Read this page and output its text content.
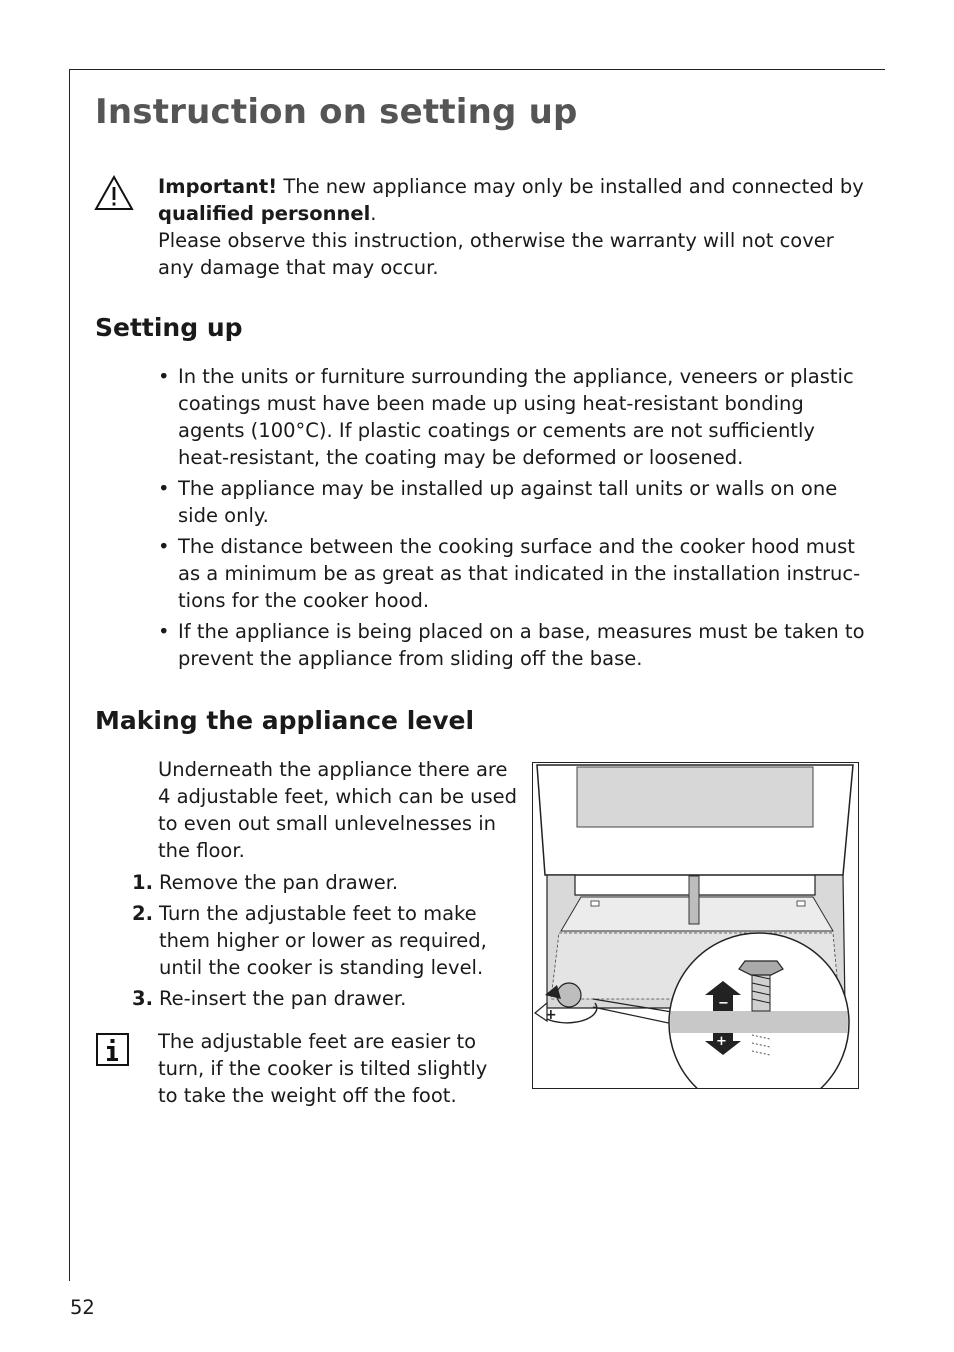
Instruction on setting up
Important! The new appliance may only be installed and connected by qualified personnel.
Please observe this instruction, otherwise the warranty will not cover any damage that may occur.
Setting up
• In the units or furniture surrounding the appliance, veneers or plastic coatings must have been made up using heat-resistant bonding agents (100°C). If plastic coatings or cements are not sufficiently heat-resistant, the coating may be deformed or loosened.
• The appliance may be installed up against tall units or walls on one side only.
• The distance between the cooking surface and the cooker hood must as a minimum be as great as that indicated in the installation instruc-tions for the cooker hood.
• If the appliance is being placed on a base, measures must be taken to prevent the appliance from sliding off the base.
Making the appliance level

Underneath the appliance there are 4 adjustable feet, which can be used to even out small unlevelnesses in the floor.

1. Remove the pan drawer.
2. Turn the adjustable feet to make them higher or lower as required, until the cooker is standing level.
3. Re-insert the pan drawer.

The adjustable feet are easier to turn, if the cooker is tilted slightly to take the weight off the foot.

+
+
−
52
